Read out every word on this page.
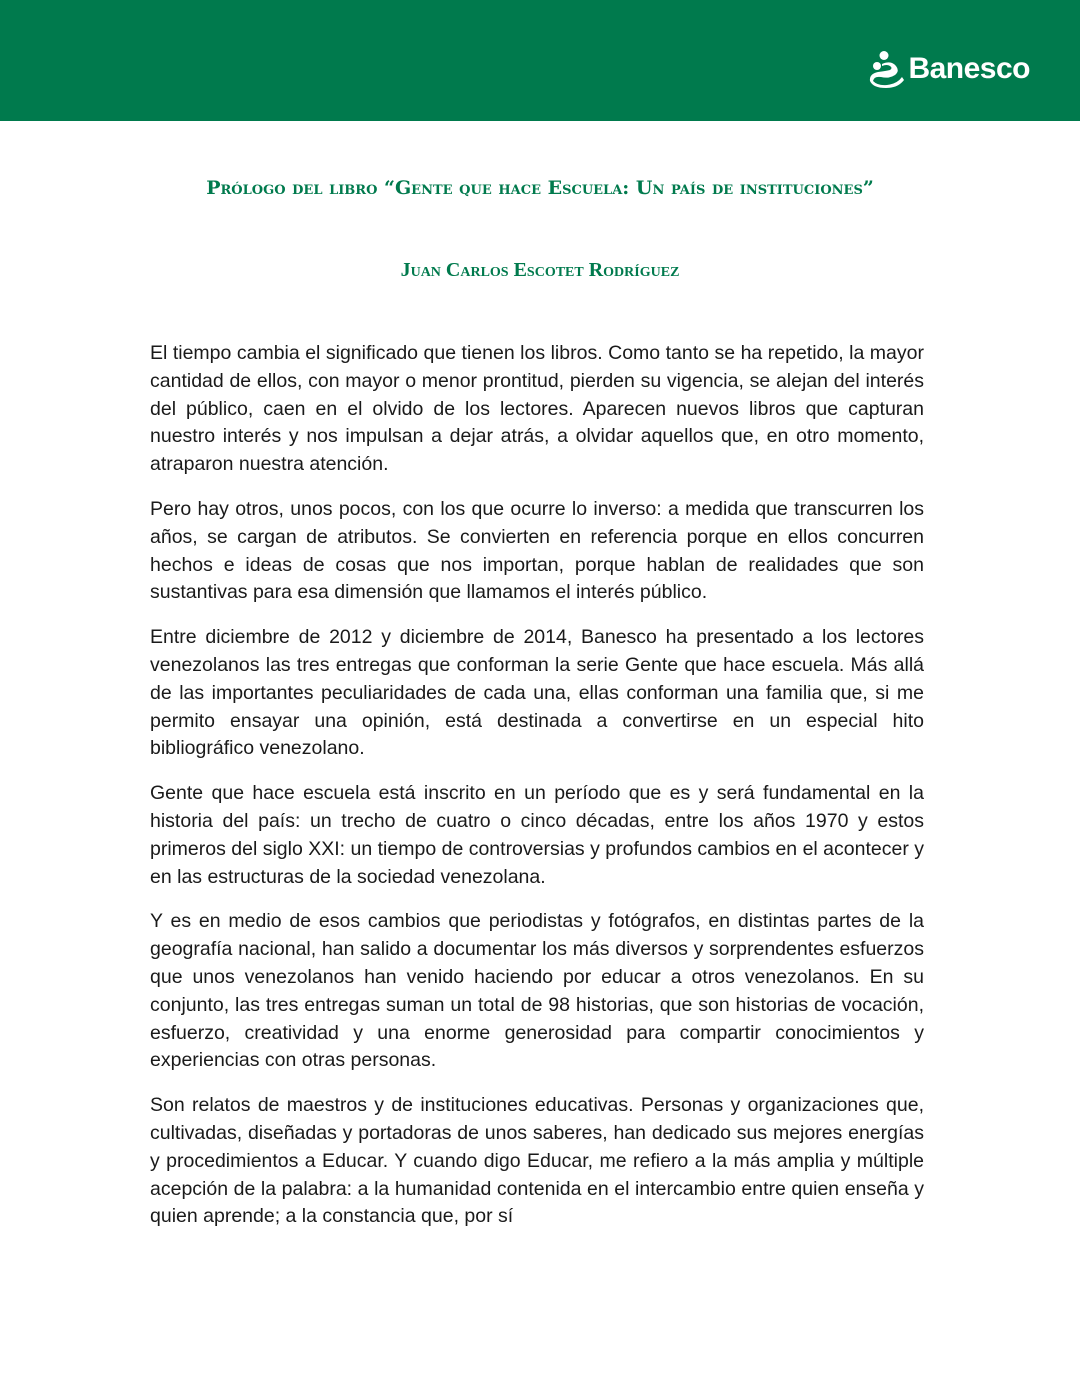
Banesco
Prólogo del libro “Gente que hace Escuela: Un país de instituciones”
Juan Carlos Escotet Rodríguez

El tiempo cambia el significado que tienen los libros. Como tanto se ha repetido, la mayor cantidad de ellos, con mayor o menor prontitud, pierden su vigencia, se alejan del interés del público, caen en el olvido de los lectores. Aparecen nuevos libros que capturan nuestro interés y nos impulsan a dejar atrás, a olvidar aquellos que, en otro momento, atraparon nuestra atención.

Pero hay otros, unos pocos, con los que ocurre lo inverso: a medida que transcurren los años, se cargan de atributos. Se convierten en referencia porque en ellos concurren hechos e ideas de cosas que nos importan, porque hablan de realidades que son sustantivas para esa dimensión que llamamos el interés público.

Entre diciembre de 2012 y diciembre de 2014, Banesco ha presentado a los lectores venezolanos las tres entregas que conforman la serie Gente que hace escuela. Más allá de las importantes peculiaridades de cada una, ellas conforman una familia que, si me permito ensayar una opinión, está destinada a convertirse en un especial hito bibliográfico venezolano.

Gente que hace escuela está inscrito en un período que es y será fundamental en la historia del país: un trecho de cuatro o cinco décadas, entre los años 1970 y estos primeros del siglo XXI: un tiempo de controversias y profundos cambios en el acontecer y en las estructuras de la sociedad venezolana.

Y es en medio de esos cambios que periodistas y fotógrafos, en distintas partes de la geografía nacional, han salido a documentar los más diversos y sorprendentes esfuerzos que unos venezolanos han venido haciendo por educar a otros venezolanos. En su conjunto, las tres entregas suman un total de 98 historias, que son historias de vocación, esfuerzo, creatividad y una enorme generosidad para compartir conocimientos y experiencias con otras personas.

Son relatos de maestros y de instituciones educativas. Personas y organizaciones que, cultivadas, diseñadas y portadoras de unos saberes, han dedicado sus mejores energías y procedimientos a Educar. Y cuando digo Educar, me refiero a la más amplia y múltiple acepción de la palabra: a la humanidad contenida en el intercambio entre quien enseña y quien aprende; a la constancia que, por sí
